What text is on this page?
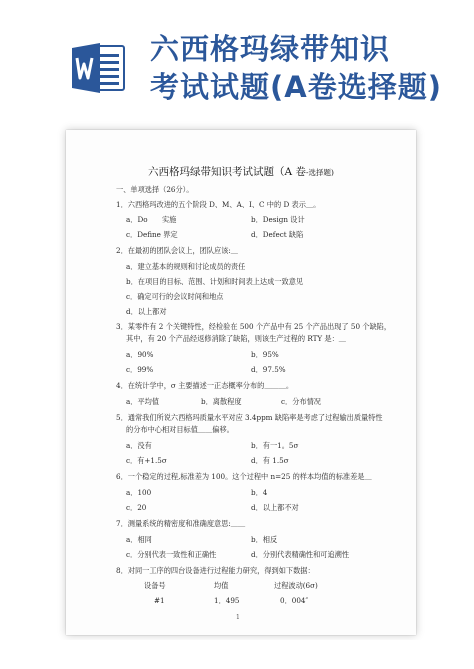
六西格玛绿带知识
考试试题(A卷选择题)
六西格玛绿带知识考试试题（A 卷-选择题)
一、单项选择（26分）。
1．六西格玛改进的五个阶段 D、M、A、I、C 中的 D 表示＿。
a．Do　　实施	b．Design 设计
c．Define 界定	d．Defect 缺陷
2．在最初的团队会议上，团队应该:＿
a．建立基本的规则和讨论成员的责任
b．在项目的目标、范围、计划和时间表上达成一致意见
c．确定可行的会议时间和地点
d．以上都对
3．某零件有 2 个关键特性，经检验在 500 个产品中有 25 个产品出现了 50 个缺陷，
其中，有 20 个产品经返修消除了缺陷，则该生产过程的 RTY 是：＿
a．90%	b．95%
c．99%	d．97.5%
4．在统计学中，σ 主要描述一正态概率分布的＿＿＿。
a．平均值	b．离散程度	c．分布情况
5．通常我们所说六西格玛质量水平对应 3.4ppm 缺陷率是考虑了过程输出质量特性
的分布中心相对目标值＿＿偏移。
a．没有	b．有一1。5σ
c．有+1.5σ	d．有 1.5σ
6．一个稳定的过程,标准差为 100。这个过程中 n=25 的样本均值的标准差是＿
a．100	b．4
c．20	d．以上都不对
7．测量系统的精密度和准确度意思:＿＿
a．相同	b．相反
c．分别代表一致性和正确性	d．分别代表精确性和可追溯性
8．对同一工序的四台设备进行过程能力研究，得到如下数据：
设备号	均值	过程波动(6σ)
#1	1．495	0．004″
1
